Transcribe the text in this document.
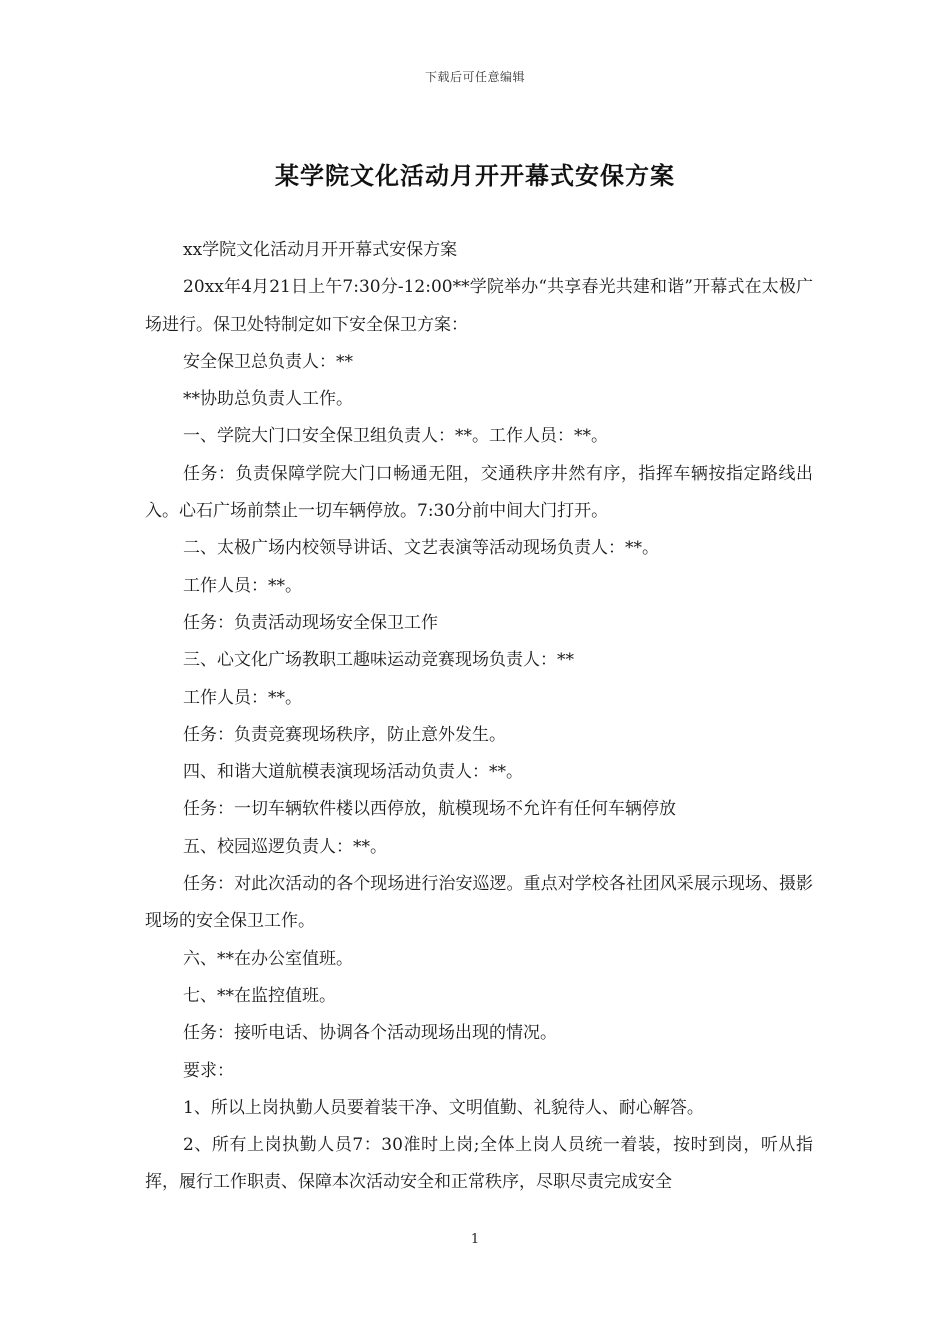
下载后可任意编辑
某学院文化活动月开开幕式安保方案

xx学院文化活动月开开幕式安保方案

20xx年4月21日上午7:30分-12:00**学院举办“共享春光共建和谐”开幕式在太极广场进行。保卫处特制定如下安全保卫方案：

安全保卫总负责人：**

**协助总负责人工作。

一、学院大门口安全保卫组负责人：**。工作人员：**。

任务：负责保障学院大门口畅通无阻，交通秩序井然有序，指挥车辆按指定路线出入。心石广场前禁止一切车辆停放。7:30分前中间大门打开。

二、太极广场内校领导讲话、文艺表演等活动现场负责人：**。

工作人员：**。

任务：负责活动现场安全保卫工作

三、心文化广场教职工趣味运动竞赛现场负责人：**

工作人员：**。

任务：负责竞赛现场秩序，防止意外发生。

四、和谐大道航模表演现场活动负责人：**。

任务：一切车辆软件楼以西停放，航模现场不允许有任何车辆停放

五、校园巡逻负责人：**。

任务：对此次活动的各个现场进行治安巡逻。重点对学校各社团风采展示现场、摄影现场的安全保卫工作。

六、**在办公室值班。

七、**在监控值班。

任务：接听电话、协调各个活动现场出现的情况。

要求：

1、所以上岗执勤人员要着装干净、文明值勤、礼貌待人、耐心解答。

2、所有上岗执勤人员7：30准时上岗;全体上岗人员统一着装，按时到岗，听从指挥，履行工作职责、保障本次活动安全和正常秩序，尽职尽责完成安全

1
